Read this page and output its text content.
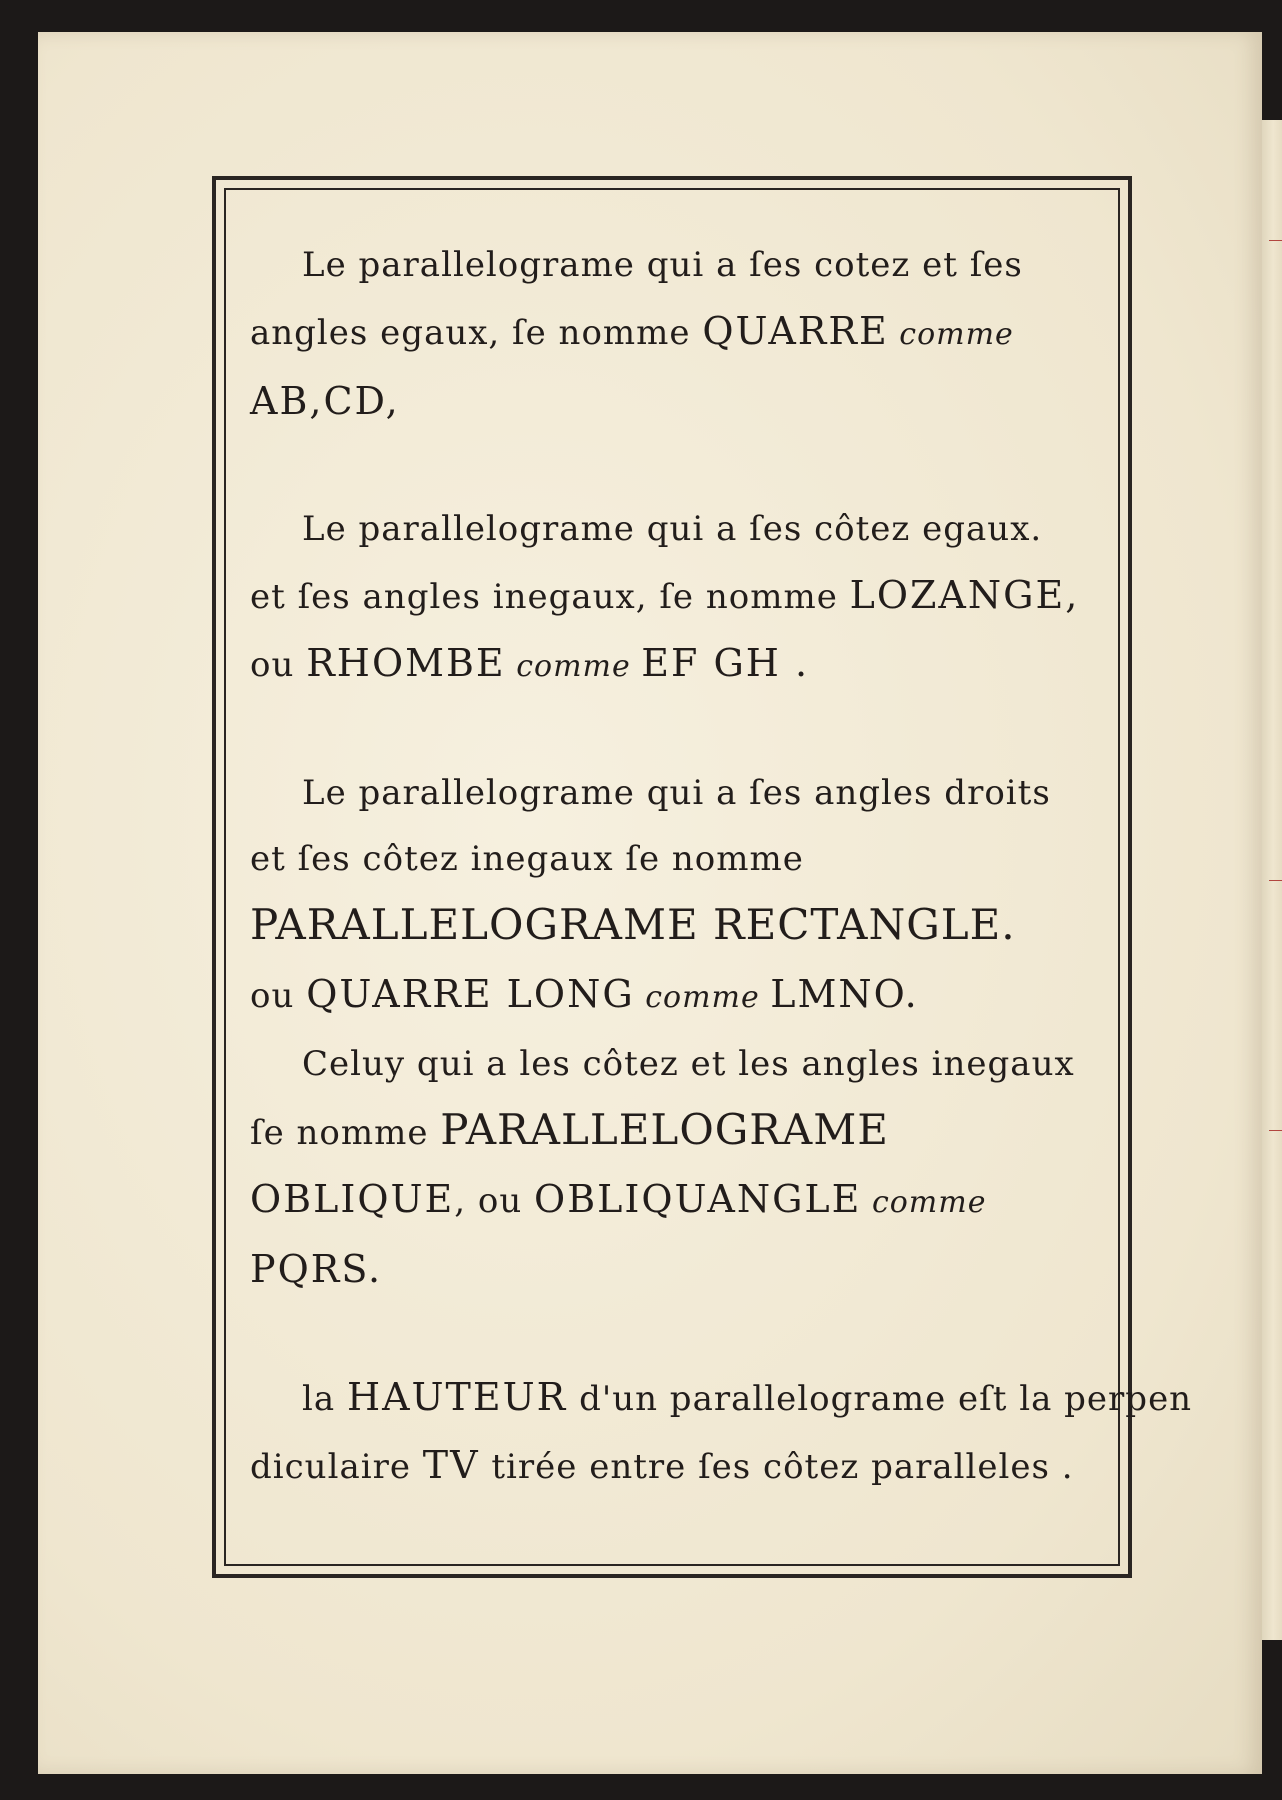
Le parallelograme qui a ſes cotez et ſes
angles egaux, ſe nomme QUARRE comme
AB,CD,
Le parallelograme qui a ſes côtez egaux.
et ſes angles inegaux, ſe nomme LOZANGE,
ou RHOMBE comme EF GH .
Le parallelograme qui a ſes angles droits
et ſes côtez inegaux ſe nomme
PARALLELOGRAME RECTANGLE.
ou QUARRE LONG comme LMNO.
Celuy qui a les côtez et les angles inegaux
ſe nomme PARALLELOGRAME
OBLIQUE, ou OBLIQUANGLE comme
PQRS.
la HAUTEUR d'un parallelograme eſt la perpen
diculaire TV tirée entre ſes côtez paralleles .
